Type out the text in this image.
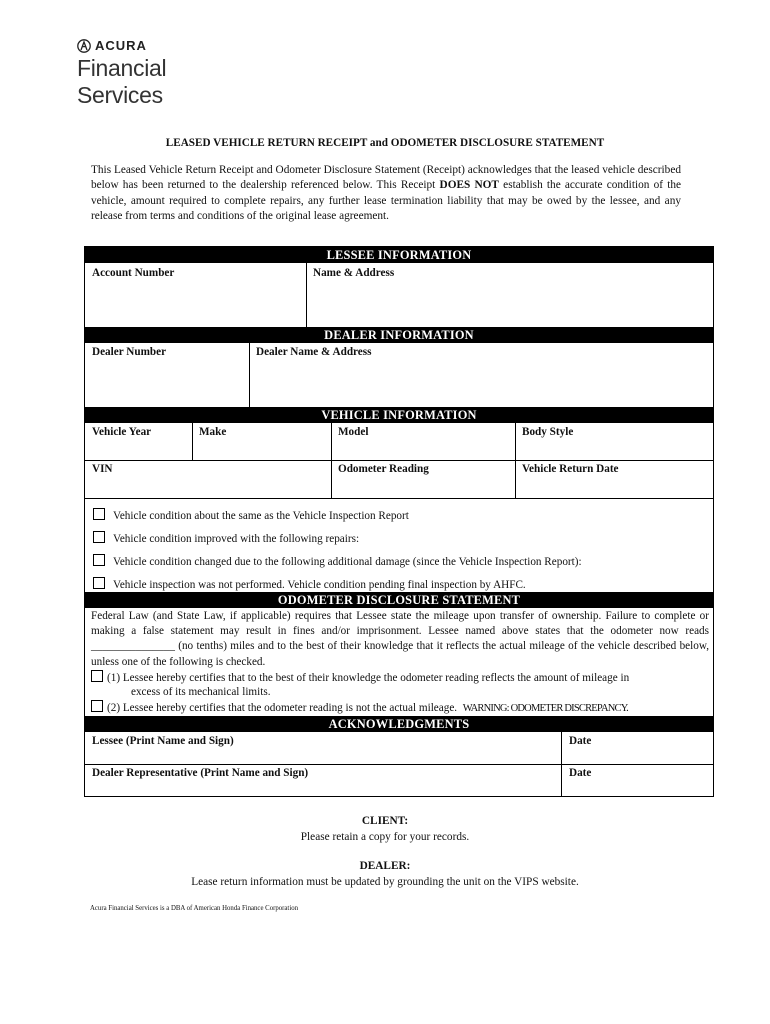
ACURA
Financial
Services
LEASED VEHICLE RETURN RECEIPT and ODOMETER DISCLOSURE STATEMENT
This Leased Vehicle Return Receipt and Odometer Disclosure Statement (Receipt) acknowledges that the leased vehicle described below has been returned to the dealership referenced below. This Receipt DOES NOT establish the accurate condition of the vehicle, amount required to complete repairs, any further lease termination liability that may be owed by the lessee, and any release from terms and conditions of the original lease agreement.
LESSEE INFORMATION
Account Number	Name & Address
DEALER INFORMATION
Dealer Number	Dealer Name & Address
VEHICLE INFORMATION
Vehicle Year	Make	Model	Body Style
VIN	Odometer Reading	Vehicle Return Date
Vehicle condition about the same as the Vehicle Inspection Report
Vehicle condition improved with the following repairs:
Vehicle condition changed due to the following additional damage (since the Vehicle Inspection Report):
Vehicle inspection was not performed. Vehicle condition pending final inspection by AHFC.
ODOMETER DISCLOSURE STATEMENT
Federal Law (and State Law, if applicable) requires that Lessee state the mileage upon transfer of ownership. Failure to complete or making a false statement may result in fines and/or imprisonment. Lessee named above states that the odometer now reads _______________ (no tenths) miles and to the best of their knowledge that it reflects the actual mileage of the vehicle described below, unless one of the following is checked.
(1) Lessee hereby certifies that to the best of their knowledge the odometer reading reflects the amount of mileage in
excess of its mechanical limits.
(2) Lessee hereby certifies that the odometer reading is not the actual mileage. WARNING: ODOMETER DISCREPANCY.
ACKNOWLEDGMENTS
Lessee (Print Name and Sign)	Date
Dealer Representative (Print Name and Sign)	Date
CLIENT:
Please retain a copy for your records.
DEALER:
Lease return information must be updated by grounding the unit on the VIPS website.
Acura Financial Services is a DBA of American Honda Finance Corporation
